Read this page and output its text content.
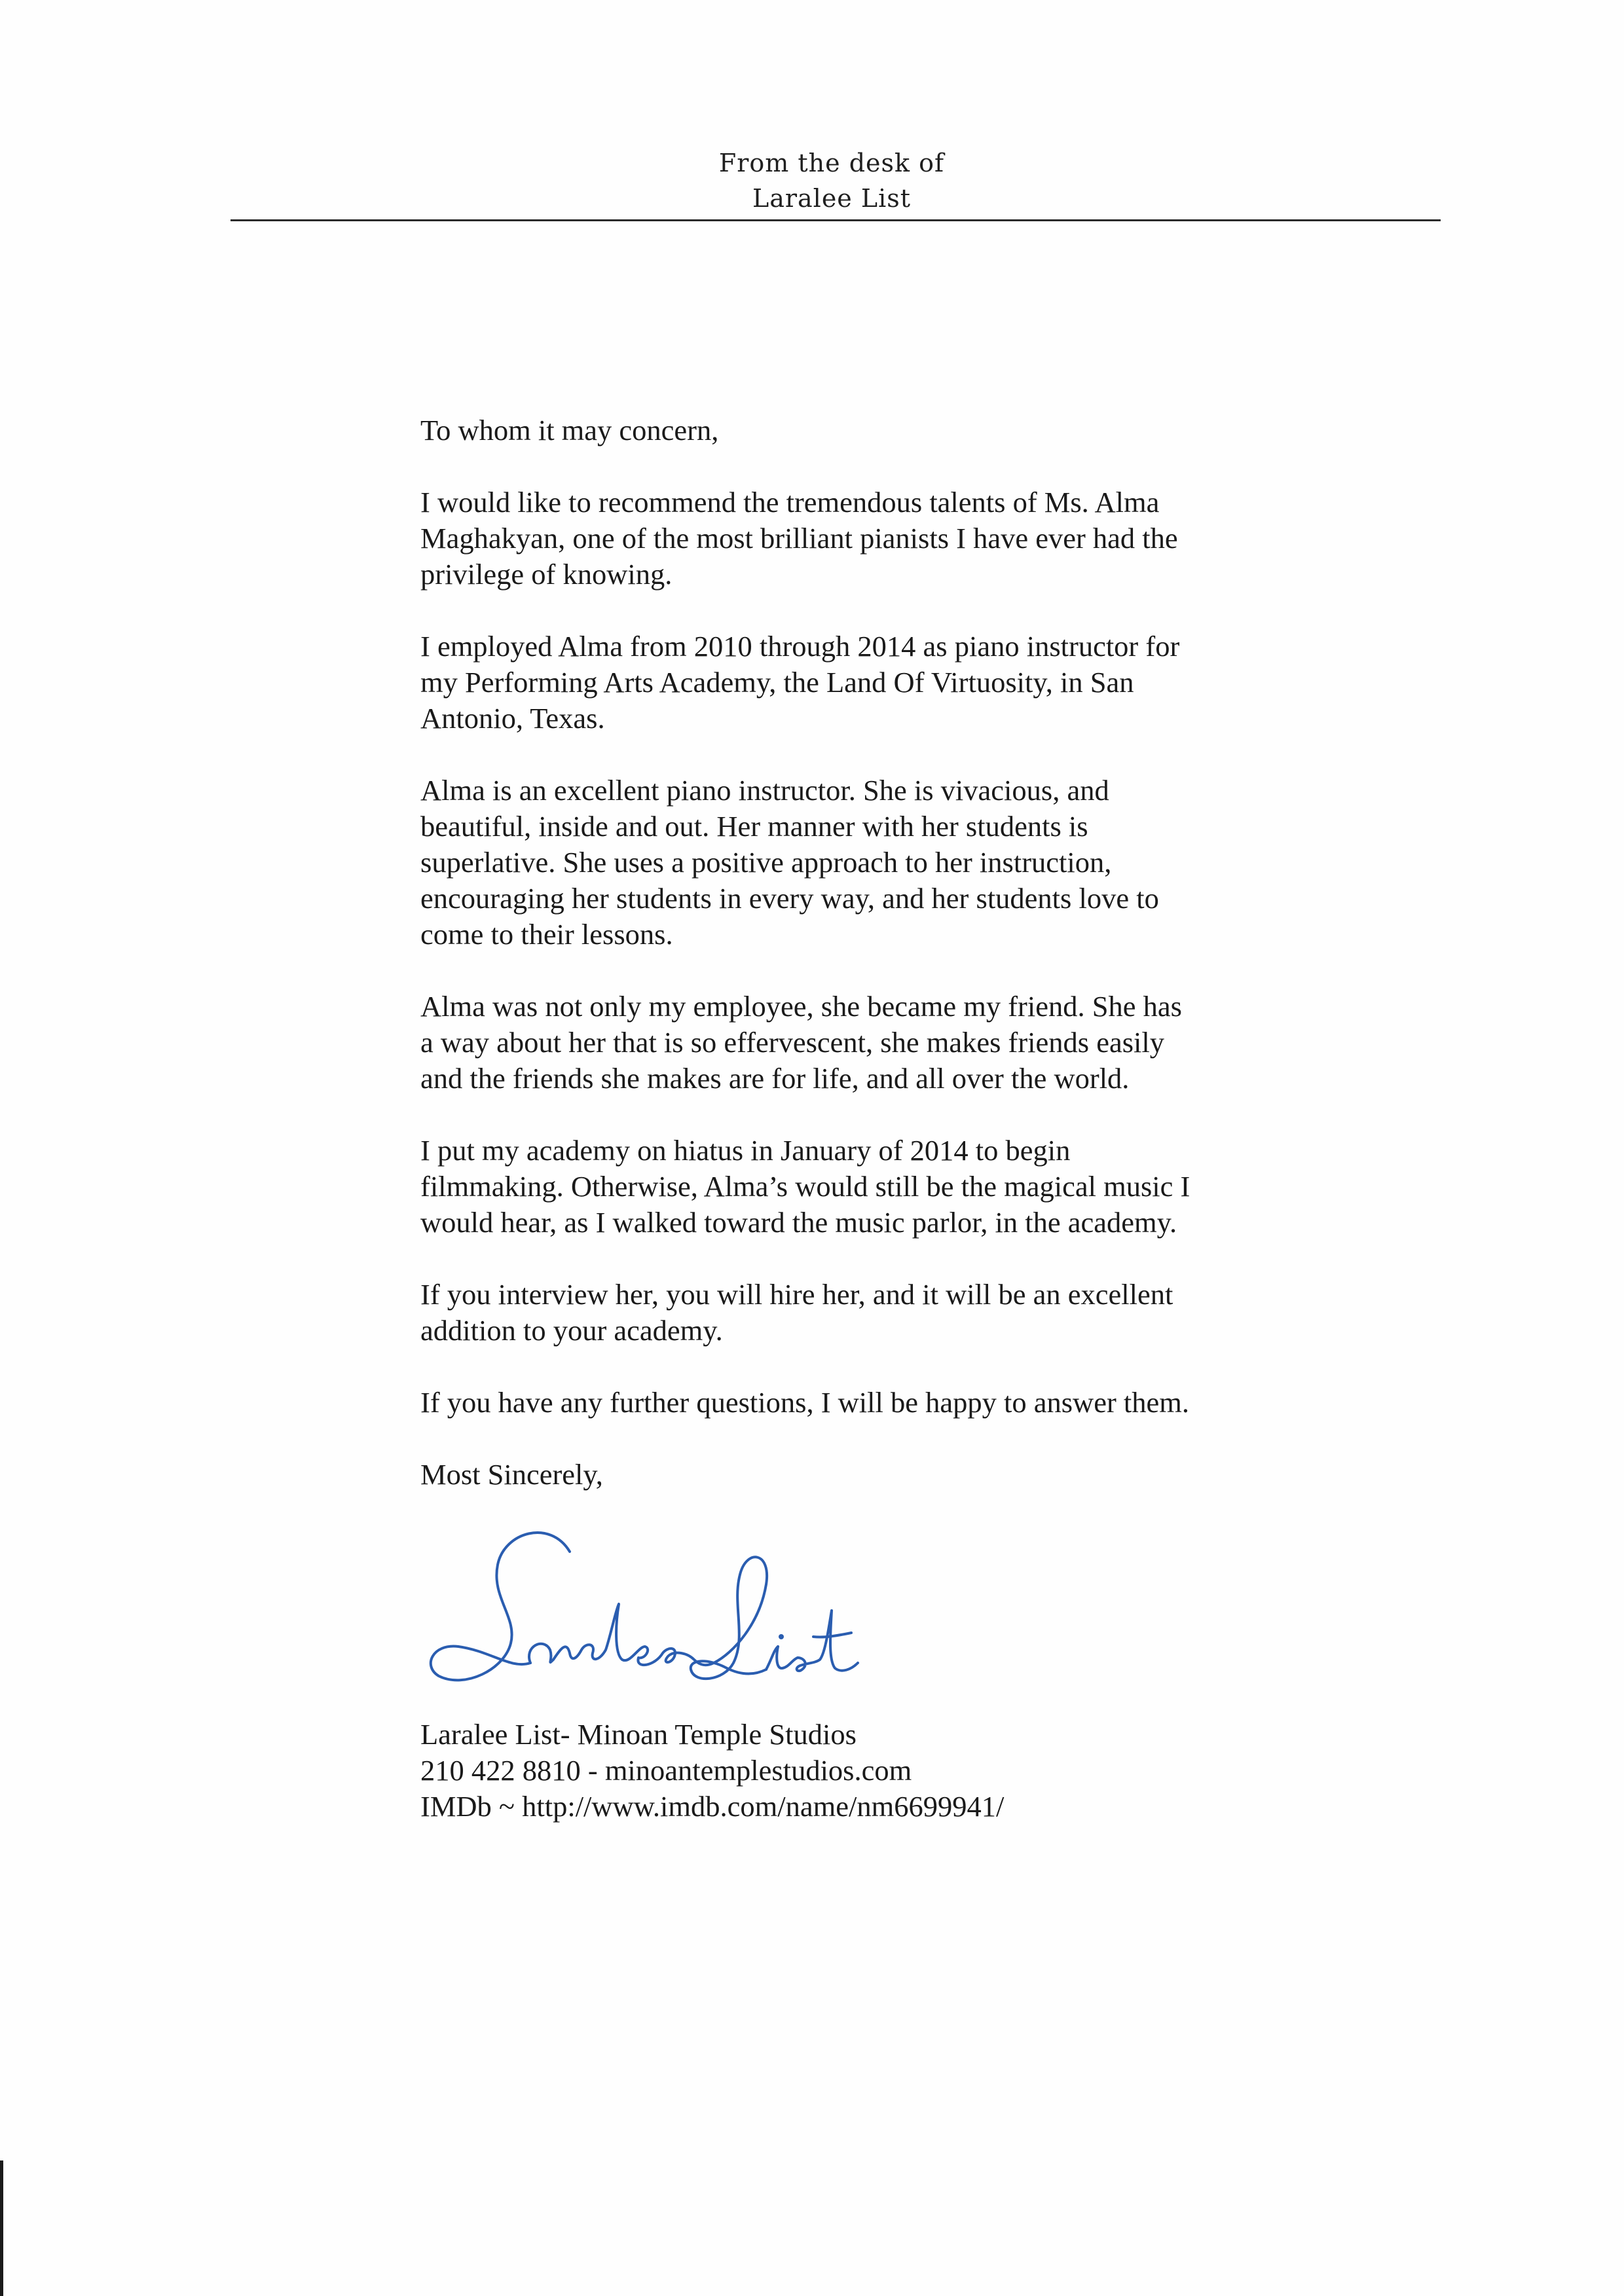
From the desk of
Laralee List

To whom it may concern,

I would like to recommend the tremendous talents of Ms. Alma
Maghakyan, one of the most brilliant pianists I have ever had the
privilege of knowing.

I employed Alma from 2010 through 2014 as piano instructor for
my Performing Arts Academy, the Land Of Virtuosity, in San
Antonio, Texas.

Alma is an excellent piano instructor. She is vivacious, and
beautiful, inside and out. Her manner with her students is
superlative. She uses a positive approach to her instruction,
encouraging her students in every way, and her students love to
come to their lessons.

Alma was not only my employee, she became my friend. She has
a way about her that is so effervescent, she makes friends easily
and the friends she makes are for life, and all over the world.

I put my academy on hiatus in January of 2014 to begin
filmmaking. Otherwise, Alma’s would still be the magical music I
would hear, as I walked toward the music parlor, in the academy.

If you interview her, you will hire her, and it will be an excellent
addition to your academy.

If you have any further questions, I will be happy to answer them.

Most Sincerely,

Laralee List- Minoan Temple Studios
210 422 8810 - minoantemplestudios.com
IMDb ~ http://www.imdb.com/name/nm6699941/
